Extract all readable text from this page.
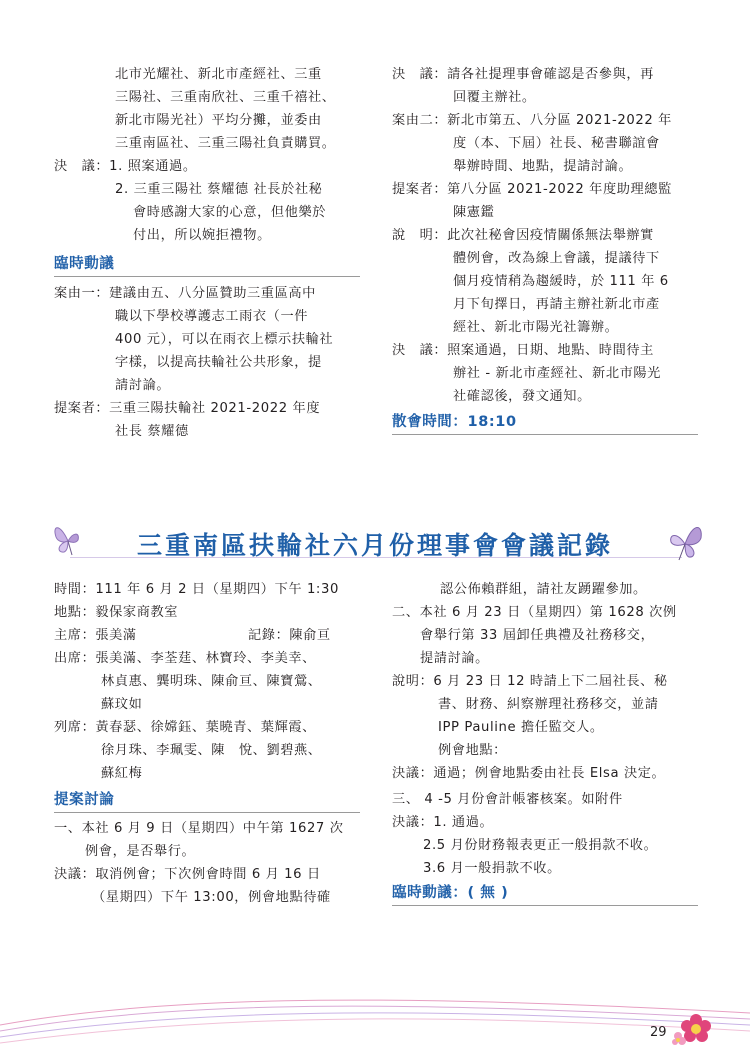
北市光耀社、新北市產經社、三重
三陽社、三重南欣社、三重千禧社、
新北市陽光社）平均分攤，並委由
三重南區社、三重三陽社負責購買。
決　議：1. 照案通過。
2. 三重三陽社 蔡耀德 社長於社秘
會時感謝大家的心意，但他樂於
付出，所以婉拒禮物。
臨時動議
案由一：建議由五、八分區贊助三重區高中
職以下學校導護志工雨衣（一件
400 元），可以在雨衣上標示扶輪社
字樣，以提高扶輪社公共形象，提
請討論。
提案者：三重三陽扶輪社 2021-2022 年度
社長 蔡耀德
決　議：請各社提理事會確認是否參與，再
回覆主辦社。
案由二：新北市第五、八分區 2021-2022 年
度（本、下屆）社長、秘書聯誼會
舉辦時間、地點，提請討論。
提案者：第八分區 2021-2022 年度助理總監
陳憲鑑
說　明：此次社秘會因疫情關係無法舉辦實
體例會，改為線上會議，提議待下
個月疫情稍為趨緩時，於 111 年 6
月下旬擇日，再請主辦社新北市產
經社、新北市陽光社籌辦。
決　議：照案通過，日期、地點、時間待主
辦社 - 新北市產經社、新北市陽光
社確認後，發文通知。
散會時間：18:10
三重南區扶輪社六月份理事會會議記錄
時間：111 年 6 月 2 日（星期四）下午 1:30
地點：毅保家商教室
主席：張美滿	記錄：陳俞亘
出席：張美滿、李荃莛、林寶玲、李美幸、
林貞惠、龔明珠、陳俞亘、陳寶鶯、
蘇玟如
列席：黃春瑟、徐嫦鈺、葉曉青、葉輝霞、
徐月珠、李珮雯、陳　悅、劉碧燕、
蘇紅梅
提案討論
一、本社 6 月 9 日（星期四）中午第 1627 次
例會，是否舉行。
決議：取消例會；下次例會時間 6 月 16 日
（星期四）下午 13:00，例會地點待確
認公佈賴群組，請社友踴躍參加。
二、本社 6 月 23 日（星期四）第 1628 次例
會舉行第 33 屆卸任典禮及社務移交，
提請討論。
說明：6 月 23 日 12 時請上下二屆社長、秘
書、財務、糾察辦理社務移交，並請
IPP Pauline 擔任監交人。
例會地點：
決議：通過；例會地點委由社長 Elsa 決定。
三、 4 -5 月份會計帳審核案。如附件
決議：1. 通過。
2.5 月份財務報表更正一般捐款不收。
3.6 月一般捐款不收。
臨時動議：( 無 )
29
